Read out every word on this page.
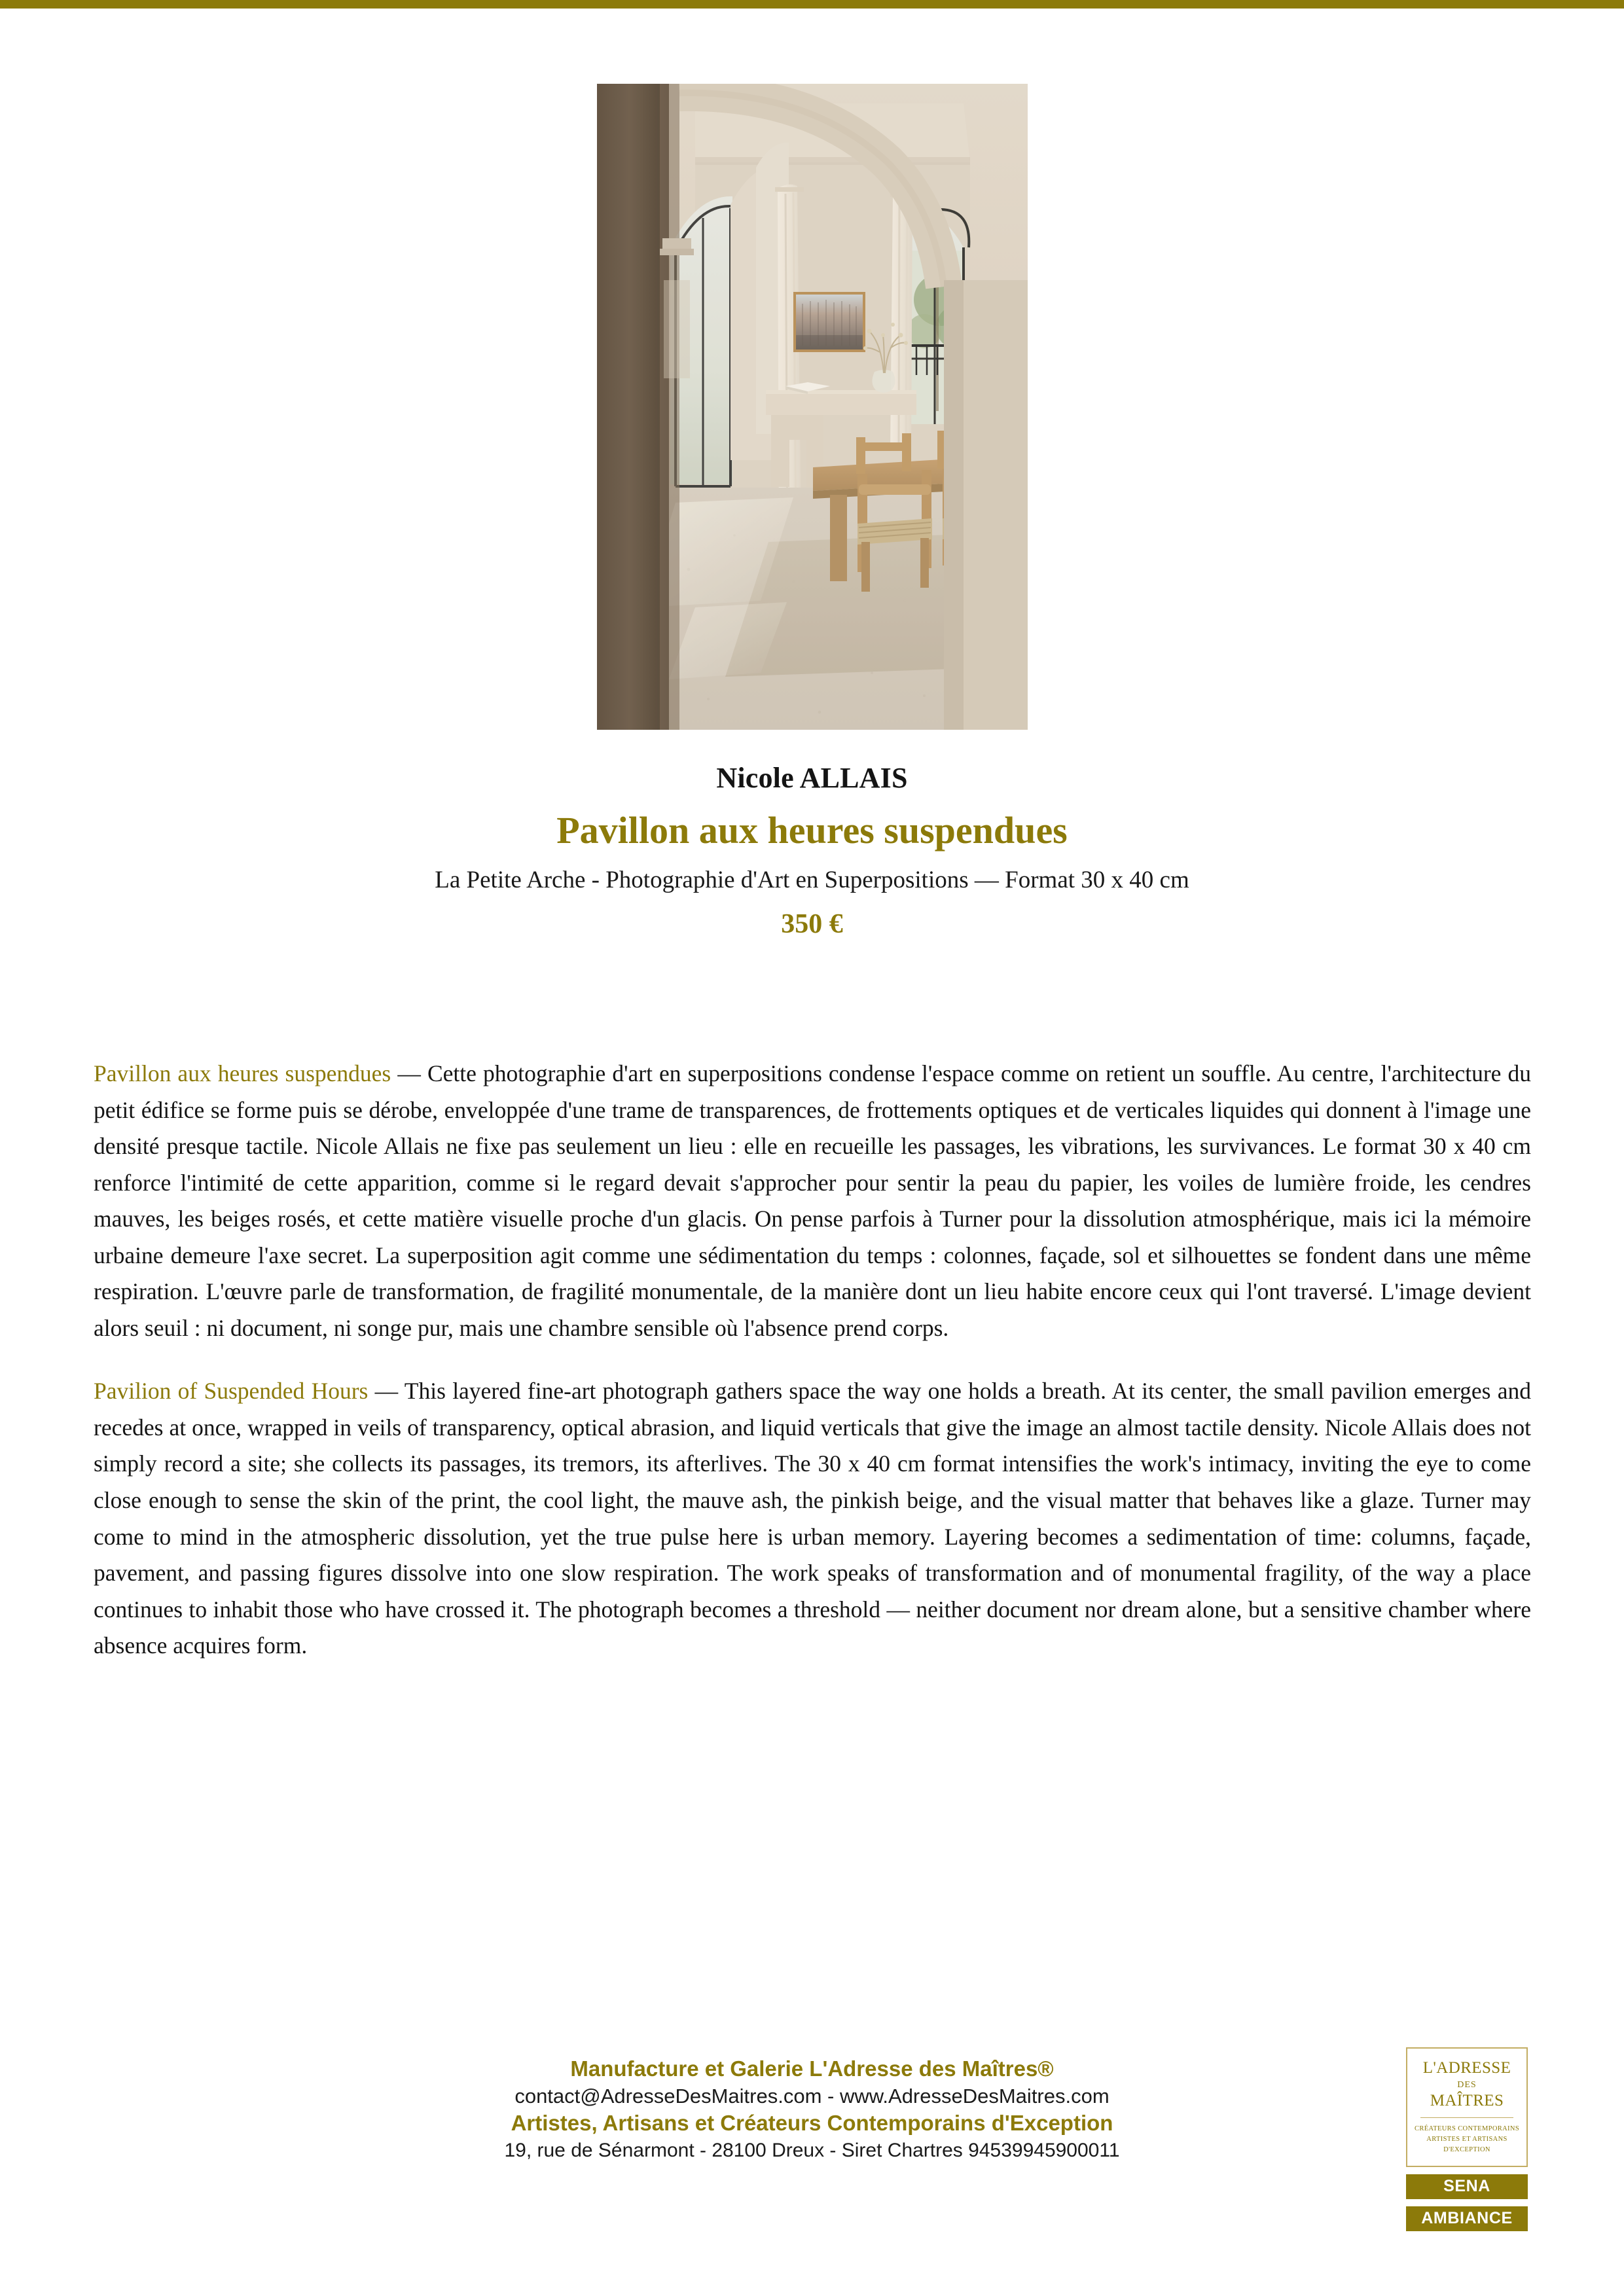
Nicole ALLAIS
Pavillon aux heures suspendues
La Petite Arche - Photographie d'Art en Superpositions — Format 30 x 40 cm
350 €

Pavillon aux heures suspendues — Cette photographie d'art en superpositions condense l'espace comme on retient un souffle. Au centre, l'architecture du petit édifice se forme puis se dérobe, enveloppée d'une trame de transparences, de frottements optiques et de verticales liquides qui donnent à l'image une densité presque tactile. Nicole Allais ne fixe pas seulement un lieu : elle en recueille les passages, les vibrations, les survivances. Le format 30 x 40 cm renforce l'intimité de cette apparition, comme si le regard devait s'approcher pour sentir la peau du papier, les voiles de lumière froide, les cendres mauves, les beiges rosés, et cette matière visuelle proche d'un glacis. On pense parfois à Turner pour la dissolution atmosphérique, mais ici la mémoire urbaine demeure l'axe secret. La superposition agit comme une sédimentation du temps : colonnes, façade, sol et silhouettes se fondent dans une même respiration. L'œuvre parle de transformation, de fragilité monumentale, de la manière dont un lieu habite encore ceux qui l'ont traversé. L'image devient alors seuil : ni document, ni songe pur, mais une chambre sensible où l'absence prend corps.

Pavilion of Suspended Hours — This layered fine-art photograph gathers space the way one holds a breath. At its center, the small pavilion emerges and recedes at once, wrapped in veils of transparency, optical abrasion, and liquid verticals that give the image an almost tactile density. Nicole Allais does not simply record a site; she collects its passages, its tremors, its afterlives. The 30 x 40 cm format intensifies the work's intimacy, inviting the eye to come close enough to sense the skin of the print, the cool light, the mauve ash, the pinkish beige, and the visual matter that behaves like a glaze. Turner may come to mind in the atmospheric dissolution, yet the true pulse here is urban memory. Layering becomes a sedimentation of time: columns, façade, pavement, and passing figures dissolve into one slow respiration. The work speaks of transformation and of monumental fragility, of the way a place continues to inhabit those who have crossed it. The photograph becomes a threshold — neither document nor dream alone, but a sensitive chamber where absence acquires form.

Manufacture et Galerie L'Adresse des Maîtres®
contact@AdresseDesMaitres.com - www.AdresseDesMaitres.com
Artistes, Artisans et Créateurs Contemporains d'Exception
19, rue de Sénarmont - 28100 Dreux - Siret Chartres 94539945900011
L'ADRESSE
DES
MAÎTRES
CRÉATEURS CONTEMPORAINS
ARTISTES ET ARTISANS
D'EXCEPTION
SENA
AMBIANCE
